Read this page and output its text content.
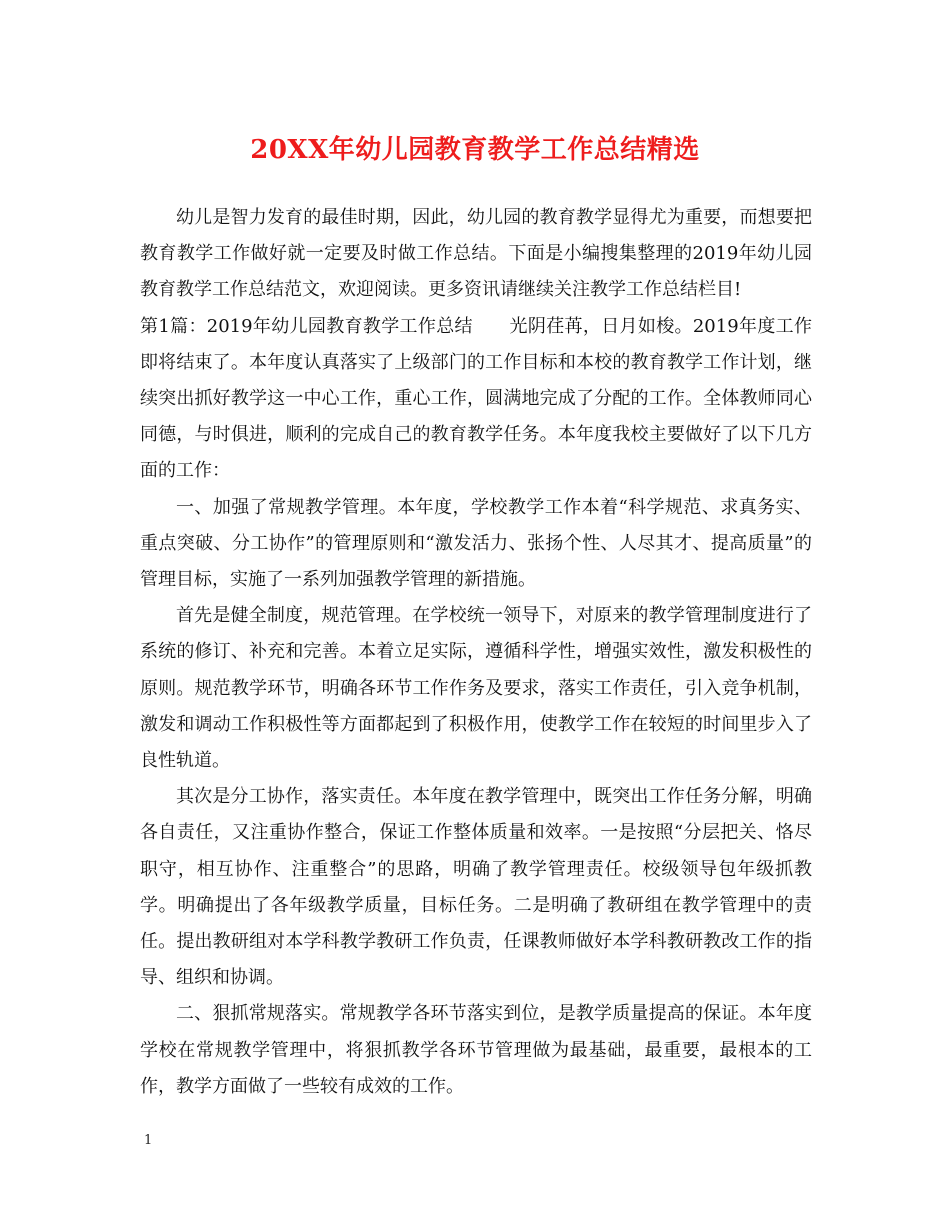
20XX年幼儿园教育教学工作总结精选

幼儿是智力发育的最佳时期，因此，幼儿园的教育教学显得尤为重要，而想要把教育教学工作做好就一定要及时做工作总结。下面是小编搜集整理的2019年幼儿园教育教学工作总结范文，欢迎阅读。更多资讯请继续关注教学工作总结栏目!

第1篇：2019年幼儿园教育教学工作总结　　光阴荏苒，日月如梭。2019年度工作即将结束了。本年度认真落实了上级部门的工作目标和本校的教育教学工作计划，继续突出抓好教学这一中心工作，重心工作，圆满地完成了分配的工作。全体教师同心同德，与时俱进，顺利的完成自己的教育教学任务。本年度我校主要做好了以下几方面的工作：

一、加强了常规教学管理。本年度，学校教学工作本着“科学规范、求真务实、重点突破、分工协作”的管理原则和“激发活力、张扬个性、人尽其才、提高质量”的管理目标，实施了一系列加强教学管理的新措施。

首先是健全制度，规范管理。在学校统一领导下，对原来的教学管理制度进行了系统的修订、补充和完善。本着立足实际，遵循科学性，增强实效性，激发积极性的原则。规范教学环节，明确各环节工作作务及要求，落实工作责任，引入竞争机制，激发和调动工作积极性等方面都起到了积极作用，使教学工作在较短的时间里步入了良性轨道。

其次是分工协作，落实责任。本年度在教学管理中，既突出工作任务分解，明确各自责任，又注重协作整合，保证工作整体质量和效率。一是按照“分层把关、恪尽职守，相互协作、注重整合”的思路，明确了教学管理责任。校级领导包年级抓教学。明确提出了各年级教学质量，目标任务。二是明确了教研组在教学管理中的责任。提出教研组对本学科教学教研工作负责，任课教师做好本学科教研教改工作的指导、组织和协调。

二、狠抓常规落实。常规教学各环节落实到位，是教学质量提高的保证。本年度学校在常规教学管理中，将狠抓教学各环节管理做为最基础，最重要，最根本的工作，教学方面做了一些较有成效的工作。

1
